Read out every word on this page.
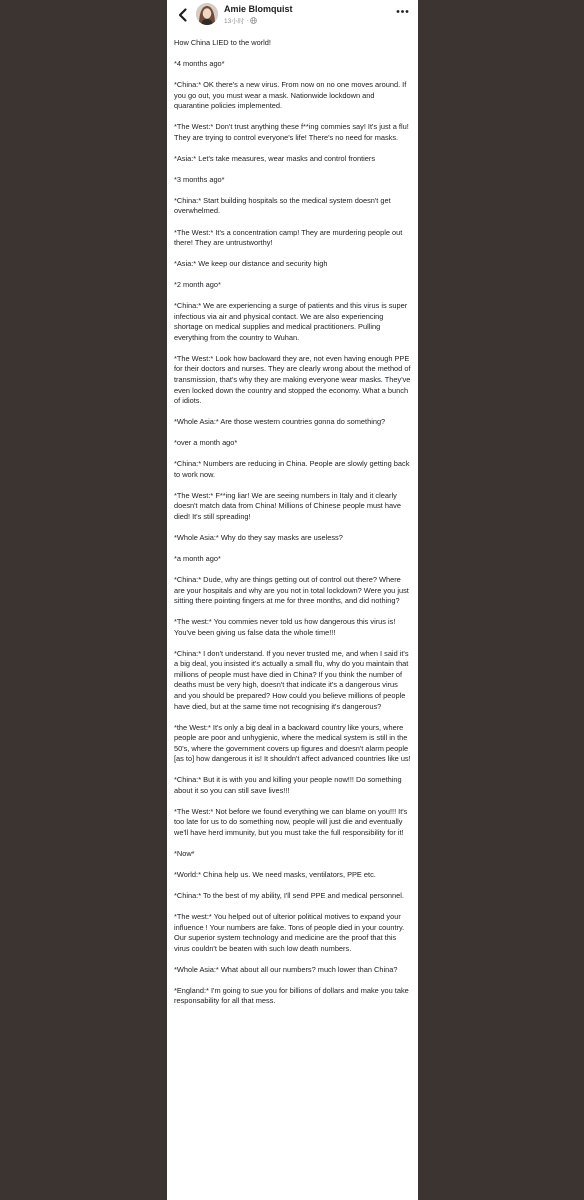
Amie Blomquist
13小时 ·

How China LIED to the world!

*4 months ago*

*China:* OK there's a new virus. From now on no one moves around. If you go out, you must wear a mask. Nationwide lockdown and quarantine policies implemented.

*The West:* Don't trust anything these f**ing commies say! It's just a flu! They are trying to control everyone's life! There's no need for masks.

*Asia:* Let's take measures, wear masks and control frontiers

*3 months ago*

*China:* Start building hospitals so the medical system doesn't get overwhelmed.

*The West:* It's a concentration camp! They are murdering people out there! They are untrustworthy!

*Asia:* We keep our distance and security high

*2 month ago*

*China:* We are experiencing a surge of patients and this virus is super infectious via air and physical contact. We are also experiencing shortage on medical supplies and medical practitioners. Pulling everything from the country to Wuhan.

*The West:* Look how backward they are, not even having enough PPE for their doctors and nurses. They are clearly wrong about the method of transmission, that's why they are making everyone wear masks. They've even locked down the country and stopped the economy. What a bunch of idiots.

*Whole Asia:* Are those western countries gonna do something?

*over a month ago*

*China:* Numbers are reducing in China. People are slowly getting back to work now.

*The West:* F**ing liar! We are seeing numbers in Italy and it clearly doesn't match data from China! Millions of Chinese people must have died! It's still spreading!

*Whole Asia:* Why do they say masks are useless?

*a month ago*

*China:* Dude, why are things getting out of control out there? Where are your hospitals and why are you not in total lockdown? Were you just sitting there pointing fingers at me for three months, and did nothing?

*The west:* You commies never told us how dangerous this virus is! You've been giving us false data the whole time!!!

*China:* I don't understand. If you never trusted me, and when I said it's a big deal, you insisted it's actually a small flu, why do you maintain that millions of people must have died in China? If you think the number of deaths must be very high, doesn't that indicate it's a dangerous virus and you should be prepared? How could you believe millions of people have died, but at the same time not recognising it's dangerous?

*the West:* It's only a big deal in a backward country like yours, where people are poor and unhygienic, where the medical system is still in the 50's, where the government covers up figures and doesn't alarm people [as to] how dangerous it is! It shouldn't affect advanced countries like us!

*China:* But it is with you and killing your people now!!! Do something about it so you can still save lives!!!

*The West:* Not before we found everything we can blame on you!!! It's too late for us to do something now, people will just die and eventually we'll have herd immunity, but you must take the full responsibility for it!

*Now*

*World:* China help us. We need masks, ventilators, PPE etc.

*China:* To the best of my ability, I'll send PPE and medical personnel.

*The west:* You helped out of ulterior political motives to expand your influence ! Your numbers are fake. Tons of people died in your country. Our superior system technology and medicine are the proof that this virus couldn't be beaten with such low death numbers.

*Whole Asia:* What about all our numbers? much lower than China?

*England:* I'm going to sue you for billions of dollars and make you take responsability for all that mess.
